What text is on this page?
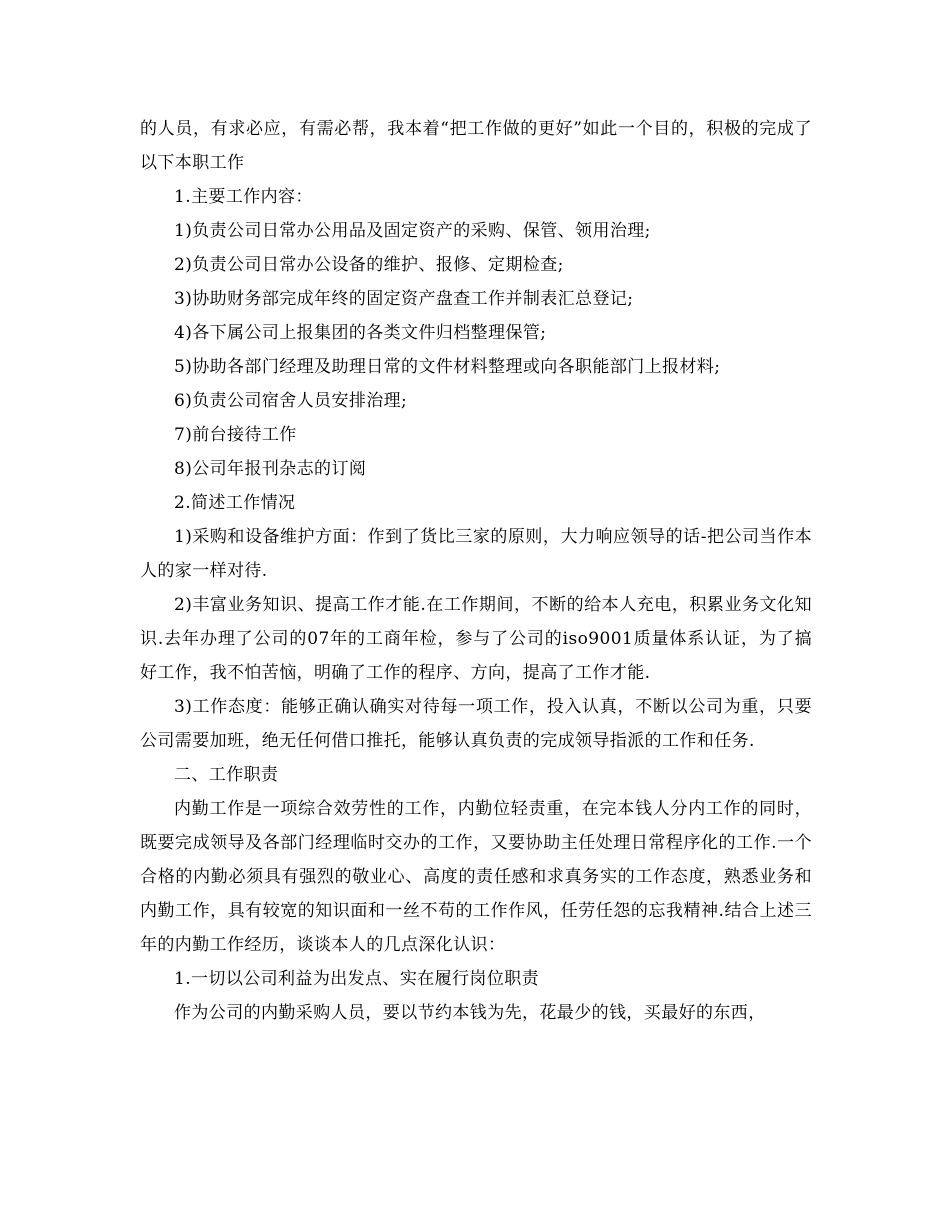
的人员，有求必应，有需必帮，我本着“把工作做的更好”如此一个目的，积极的完成了以下本职工作

1.主要工作内容：

1)负责公司日常办公用品及固定资产的采购、保管、领用治理;

2)负责公司日常办公设备的维护、报修、定期检查;

3)协助财务部完成年终的固定资产盘查工作并制表汇总登记;

4)各下属公司上报集团的各类文件归档整理保管;

5)协助各部门经理及助理日常的文件材料整理或向各职能部门上报材料;

6)负责公司宿舍人员安排治理;

7)前台接待工作

8)公司年报刊杂志的订阅

2.简述工作情况

1)采购和设备维护方面：作到了货比三家的原则，大力响应领导的话-把公司当作本人的家一样对待.

2)丰富业务知识、提高工作才能.在工作期间，不断的给本人充电，积累业务文化知识.去年办理了公司的07年的工商年检，参与了公司的iso9001质量体系认证，为了搞好工作，我不怕苦恼，明确了工作的程序、方向，提高了工作才能.

3)工作态度：能够正确认确实对待每一项工作，投入认真，不断以公司为重，只要公司需要加班，绝无任何借口推托，能够认真负责的完成领导指派的工作和任务.

二、工作职责

内勤工作是一项综合效劳性的工作，内勤位轻责重，在完本钱人分内工作的同时，既要完成领导及各部门经理临时交办的工作，又要协助主任处理日常程序化的工作.一个合格的内勤必须具有强烈的敬业心、高度的责任感和求真务实的工作态度，熟悉业务和内勤工作，具有较宽的知识面和一丝不苟的工作作风，任劳任怨的忘我精神.结合上述三年的内勤工作经历，谈谈本人的几点深化认识：

1.一切以公司利益为出发点、实在履行岗位职责

作为公司的内勤采购人员，要以节约本钱为先，花最少的钱，买最好的东西，
